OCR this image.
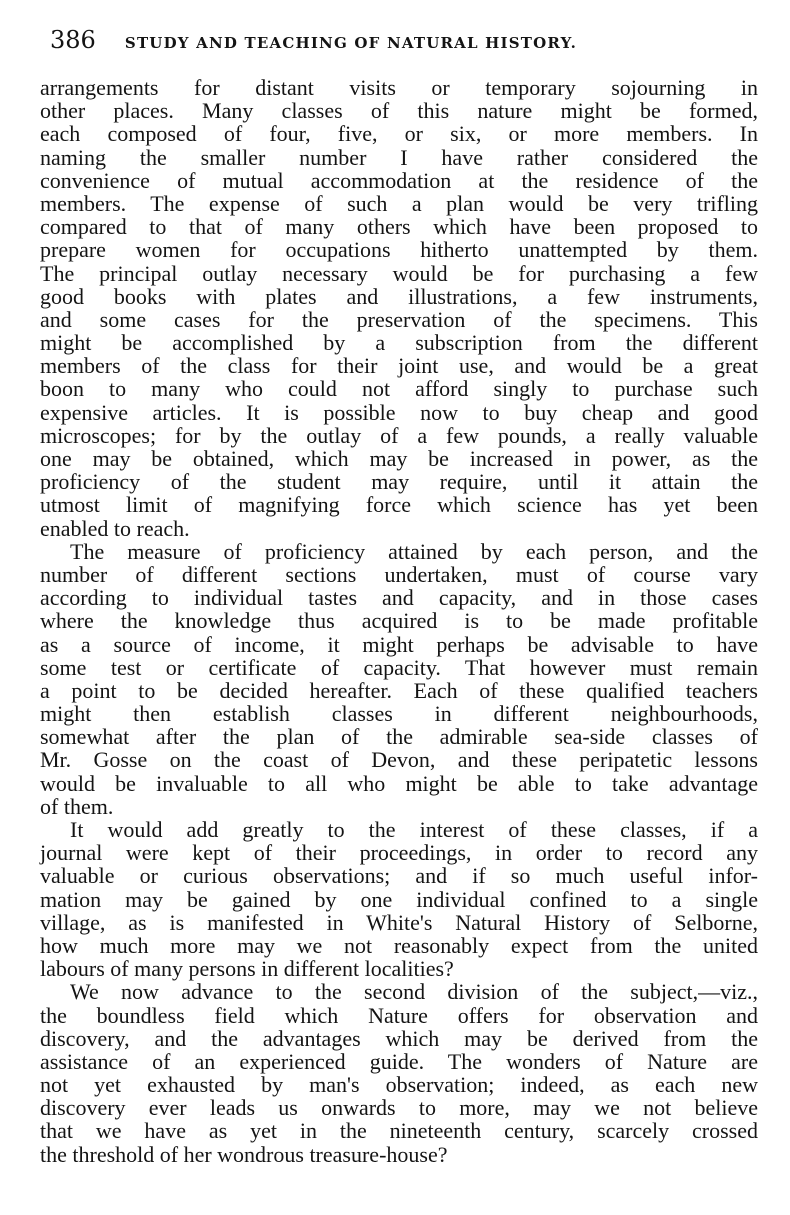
386 STUDY AND TEACHING OF NATURAL HISTORY.
arrangements for distant visits or temporary sojourning in
other places. Many classes of this nature might be formed,
each composed of four, five, or six, or more members. In
naming the smaller number I have rather considered the
convenience of mutual accommodation at the residence of the
members. The expense of such a plan would be very trifling
compared to that of many others which have been proposed to
prepare women for occupations hitherto unattempted by them.
The principal outlay necessary would be for purchasing a few
good books with plates and illustrations, a few instruments,
and some cases for the preservation of the specimens. This
might be accomplished by a subscription from the different
members of the class for their joint use, and would be a great
boon to many who could not afford singly to purchase such
expensive articles. It is possible now to buy cheap and good
microscopes; for by the outlay of a few pounds, a really valuable
one may be obtained, which may be increased in power, as the
proficiency of the student may require, until it attain the
utmost limit of magnifying force which science has yet been
enabled to reach.
The measure of proficiency attained by each person, and the
number of different sections undertaken, must of course vary
according to individual tastes and capacity, and in those cases
where the knowledge thus acquired is to be made profitable
as a source of income, it might perhaps be advisable to have
some test or certificate of capacity. That however must remain
a point to be decided hereafter. Each of these qualified teachers
might then establish classes in different neighbourhoods,
somewhat after the plan of the admirable sea-side classes of
Mr. Gosse on the coast of Devon, and these peripatetic lessons
would be invaluable to all who might be able to take advantage
of them.
It would add greatly to the interest of these classes, if a
journal were kept of their proceedings, in order to record any
valuable or curious observations; and if so much useful infor-
mation may be gained by one individual confined to a single
village, as is manifested in White's Natural History of Selborne,
how much more may we not reasonably expect from the united
labours of many persons in different localities?
We now advance to the second division of the subject,—viz.,
the boundless field which Nature offers for observation and
discovery, and the advantages which may be derived from the
assistance of an experienced guide. The wonders of Nature are
not yet exhausted by man's observation; indeed, as each new
discovery ever leads us onwards to more, may we not believe
that we have as yet in the nineteenth century, scarcely crossed
the threshold of her wondrous treasure-house?
